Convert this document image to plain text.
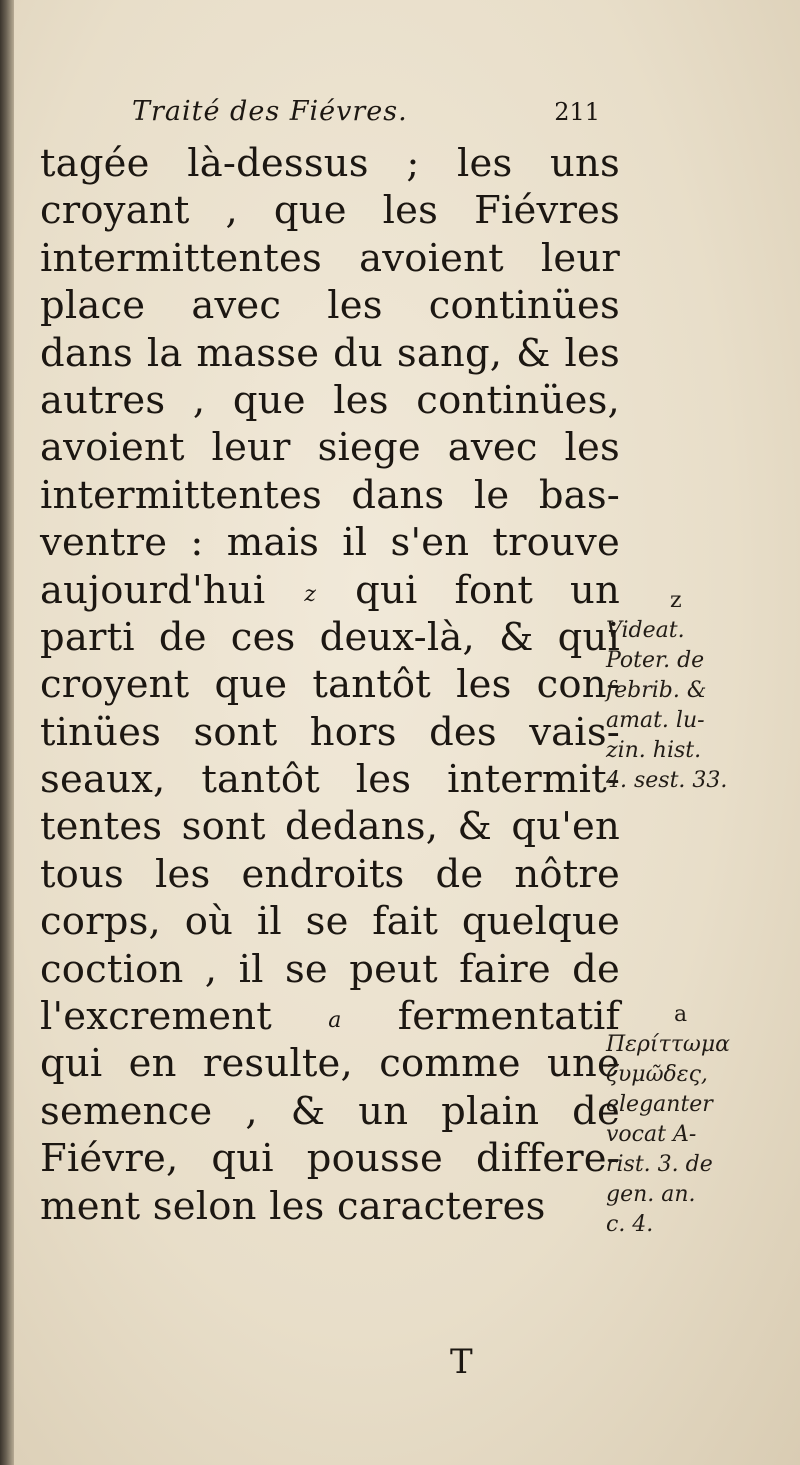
Traité des Fiévres.	211
tagée là-dessus ; les uns
croyant , que les Fiévres
intermittentes avoient leur
place avec les continües
dans la masse du sang, & les
autres , que les continües,
avoient leur siege avec les
intermittentes dans le bas-
ventre : mais il s'en trouve
aujourd'hui z qui font un
parti de ces deux-là, & qui
croyent que tantôt les con-
tinües sont hors des vais-
seaux, tantôt les intermit-
tentes sont dedans, & qu'en
tous les endroits de nôtre
corps, où il se fait quelque
coction , il se peut faire de
l'excrement	a fermentatif
qui en resulte, comme une
semence , & un plain de
Fiévre, qui pousse differe-
ment selon les caracteres
T
z
Videat.
Poter. de
febrib. &
amat. lu-
zin. hist.
4. sest. 33.
a
Περίττωμα
ζυμῶδες,
eleganter
vocat A-
rist. 3. de
gen. an.
c. 4.
